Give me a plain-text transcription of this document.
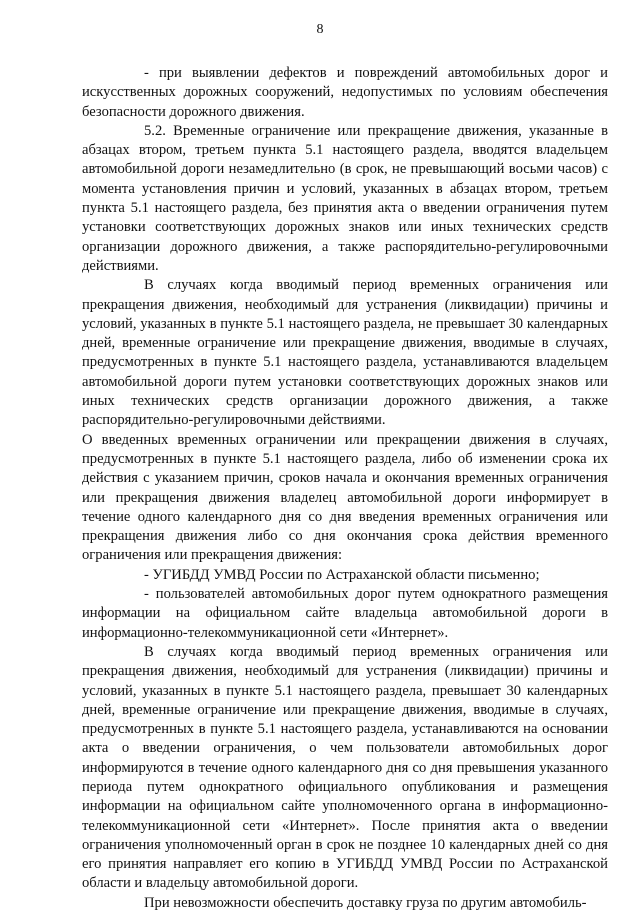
8

- при выявлении дефектов и повреждений автомобильных дорог и искусственных дорожных сооружений, недопустимых по условиям обеспечения безопасности дорожного движения.

5.2. Временные ограничение или прекращение движения, указанные в абзацах втором, третьем пункта 5.1 настоящего раздела, вводятся владельцем автомобильной дороги незамедлительно (в срок, не превышающий восьми часов) с момента установления причин и условий, указанных в абзацах втором, третьем пункта 5.1 настоящего раздела, без принятия акта о введении ограничения путем установки соответствующих дорожных знаков или иных технических средств организации дорожного движения, а также распорядительно-регулировочными действиями.

В случаях когда вводимый период временных ограничения или прекращения движения, необходимый для устранения (ликвидации) причины и условий, указанных в пункте 5.1 настоящего раздела, не превышает 30 календарных дней, временные ограничение или прекращение движения, вводимые в случаях, предусмотренных в пункте 5.1 настоящего раздела, устанавливаются владельцем автомобильной дороги путем установки соответствующих дорожных знаков или иных технических средств организации дорожного движения, а также распорядительно-регулировочными действиями.

О введенных временных ограничении или прекращении движения в случаях, предусмотренных в пункте 5.1 настоящего раздела, либо об изменении срока их действия с указанием причин, сроков начала и окончания временных ограничения или прекращения движения владелец автомобильной дороги информирует в течение одного календарного дня со дня введения временных ограничения или прекращения движения либо со дня окончания срока действия временного ограничения или прекращения движения:

- УГИБДД УМВД России по Астраханской области письменно;

- пользователей автомобильных дорог путем однократного размещения информации на официальном сайте владельца автомобильной дороги в информационно-телекоммуникационной сети «Интернет».

В случаях когда вводимый период временных ограничения или прекращения движения, необходимый для устранения (ликвидации) причины и условий, указанных в пункте 5.1 настоящего раздела, превышает 30 календарных дней, временные ограничение или прекращение движения, вводимые в случаях, предусмотренных в пункте 5.1 настоящего раздела, устанавливаются на основании акта о введении ограничения, о чем пользователи автомобильных дорог информируются в течение одного календарного дня со дня превышения указанного периода путем однократного официального опубликования и размещения информации на официальном сайте уполномоченного органа в информационно-телекоммуникационной сети «Интернет». После принятия акта о введении ограничения уполномоченный орган в срок не позднее 10 календарных дней со дня его принятия направляет его копию в УГИБДД УМВД России по Астраханской области и владельцу автомобильной дороги.

При невозможности обеспечить доставку груза по другим автомобиль-
